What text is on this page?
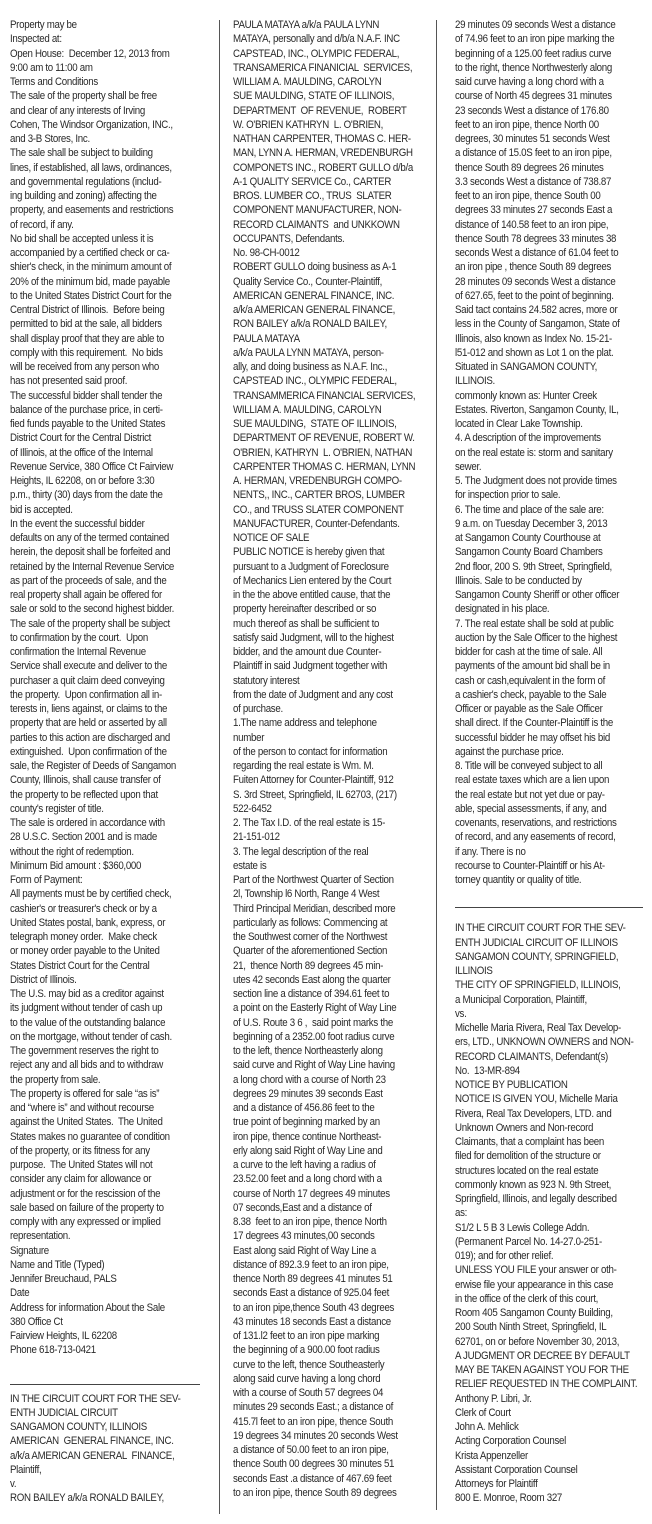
Property may be
Inspected at:
Open House:  December 12, 2013 from
9:00 am to 11:00 am
Terms and Conditions
The sale of the property shall be free
and clear of any interests of Irving
Cohen, The Windsor Organization, INC.,
and 3-B Stores, Inc.
The sale shall be subject to building
lines, if established, all laws, ordinances,
and governmental regulations (includ-
ing building and zoning) affecting the
property, and easements and restrictions
of record, if any.
No bid shall be accepted unless it is
accompanied by a certified check or ca-
shier's check, in the minimum amount of
20% of the minimum bid, made payable
to the United States District Court for the
Central District of Illinois.  Before being
permitted to bid at the sale, all bidders
shall display proof that they are able to
comply with this requirement.  No bids
will be received from any person who
has not presented said proof.
The successful bidder shall tender the
balance of the purchase price, in certi-
fied funds payable to the United States
District Court for the Central District
of Illinois, at the office of the Internal
Revenue Service, 380 Office Ct Fairview
Heights, IL 62208, on or before 3:30
p.m., thirty (30) days from the date the
bid is accepted.
In the event the successful bidder
defaults on any of the termed contained
herein, the deposit shall be forfeited and
retained by the Internal Revenue Service
as part of the proceeds of sale, and the
real property shall again be offered for
sale or sold to the second highest bidder.
The sale of the property shall be subject
to confirmation by the court.  Upon
confirmation the Internal Revenue
Service shall execute and deliver to the
purchaser a quit claim deed conveying
the property.  Upon confirmation all in-
terests in, liens against, or claims to the
property that are held or asserted by all
parties to this action are discharged and
extinguished.  Upon confirmation of the
sale, the Register of Deeds of Sangamon
County, Illinois, shall cause transfer of
the property to be reflected upon that
county's register of title.
The sale is ordered in accordance with
28 U.S.C. Section 2001 and is made
without the right of redemption.
Minimum Bid amount : $360,000
Form of Payment:
All payments must be by certified check,
cashier's or treasurer's check or by a
United States postal, bank, express, or
telegraph money order.  Make check
or money order payable to the United
States District Court for the Central
District of Illinois.
The U.S. may bid as a creditor against
its judgment without tender of cash up
to the value of the outstanding balance
on the mortgage, without tender of cash.
The government reserves the right to
reject any and all bids and to withdraw
the property from sale.
The property is offered for sale “as is”
and “where is” and without recourse
against the United States.  The United
States makes no guarantee of condition
of the property, or its fitness for any
purpose.  The United States will not
consider any claim for allowance or
adjustment or for the rescission of the
sale based on failure of the property to
comply with any expressed or implied
representation.
Signature
Name and Title (Typed)
Jennifer Breuchaud, PALS
Date
Address for information About the Sale
380 Office Ct
Fairview Heights, IL 62208
Phone 618-713-0421
IN THE CIRCUIT COURT FOR THE SEV-
ENTH JUDICIAL CIRCUIT
SANGAMON COUNTY, ILLINOIS
AMERICAN  GENERAL FINANCE, INC.
a/k/a AMERICAN GENERAL  FINANCE,
Plaintiff,
v.
RON BAILEY a/k/a RONALD BAILEY,
PAULA MATAYA a/k/a PAULA LYNN
MATAYA, personally and d/b/a N.A.F. INC
CAPSTEAD, INC., OLYMPIC FEDERAL,
TRANSAMERICA FINANICIAL  SERVICES,
WILLIAM A. MAULDING, CAROLYN
SUE MAULDING, STATE OF ILLINOIS,
DEPARTMENT  OF REVENUE,  ROBERT
W. O'BRIEN KATHRYN  L. O'BRIEN,
NATHAN CARPENTER, THOMAS C. HER-
MAN, LYNN A. HERMAN, VREDENBURGH
COMPONETS INC., ROBERT GULLO d/b/a
A-1 QUALITY SERVICE Co., CARTER
BROS. LUMBER CO., TRUS  SLATER
COMPONENT MANUFACTURER, NON-
RECORD CLAIMANTS  and UNKKOWN
OCCUPANTS, Defendants.
No. 98-CH-0012
ROBERT GULLO doing business as A-1
Quality Service Co., Counter-Plaintiff,
AMERICAN GENERAL FINANCE, INC.
a/k/a AMERICAN GENERAL FINANCE,
RON BAILEY a/k/a RONALD BAILEY,
PAULA MATAYA
a/k/a PAULA LYNN MATAYA, person-
ally, and doing business as N.A.F. Inc.,
CAPSTEAD INC., OLYMPIC FEDERAL,
TRANSAMMERICA FINANCIAL SERVICES,
WILLIAM A. MAULDING, CAROLYN
SUE MAULDING,  STATE OF ILLINOIS,
DEPARTMENT OF REVENUE, ROBERT W.
O'BRIEN, KATHRYN  L. O'BRIEN, NATHAN
CARPENTER THOMAS C. HERMAN, LYNN
A. HERMAN, VREDENBURGH COMPO-
NENTS,, INC., CARTER BROS, LUMBER
CO., and TRUSS SLATER COMPONENT
MANUFACTURER, Counter-Defendants.
NOTICE OF SALE
PUBLIC NOTICE is hereby given that
pursuant to a Judgment of Foreclosure
of Mechanics Lien entered by the Court
in the the above entitled cause, that the
property hereinafter described or so
much thereof as shall be sufficient to
satisfy said Judgment, will to the highest
bidder, and the amount due Counter-
Plaintiff in said Judgment together with
statutory interest
from the date of Judgment and any cost
of purchase.
1.The name address and telephone
number
of the person to contact for information
regarding the real estate is Wm. M.
Fuiten Attorney for Counter-Plaintiff, 912
S. 3rd Street, Springfield, IL 62703, (217)
522-6452
2. The Tax I.D. of the real estate is 15-
21-151-012
3. The legal description of the real
estate is
Part of the Northwest Quarter of Section
2l, Township l6 North, Range 4 West
Third Principal Meridian, described more
particularly as follows: Commencing at
the Southwest corner of the Northwest
Quarter of the aforementioned Section
21,  thence North 89 degrees 45 min-
utes 42 seconds East along the quarter
section line a distance of 394.61 feet to
a point on the Easterly Right of Way Line
of U.S. Route 3 6 ,  said point marks the
beginning of a 2352.00 foot radius curve
to the left, thence Northeasterly along
said curve and Right of Way Line having
a long chord with a course of North 23
degrees 29 minutes 39 seconds East
and a distance of 456.86 feet to the
true point of beginning marked by an
iron pipe, thence continue Northeast-
erly along said Right of Way Line and
a curve to the left having a radius of
23.52.00 feet and a long chord with a
course of North 17 degrees 49 minutes
07 seconds,East and a distance of
8.38  feet to an iron pipe, thence North
17 degrees 43 minutes,00 seconds
East along said Right of Way Line a
distance of 892.3.9 feet to an iron pipe,
thence North 89 degrees 41 minutes 51
seconds East a distance of 925.04 feet
to an iron pipe,thence South 43 degrees
43 minutes 18 seconds East a distance
of 131.l2 feet to an iron pipe marking
the beginning of a 900.00 foot radius
curve to the left, thence Southeasterly
along said curve having a long chord
with a course of South 57 degrees 04
minutes 29 seconds East.; a distance of
415.7l feet to an iron pipe, thence South
19 degrees 34 minutes 20 seconds West
a distance of 50.00 feet to an iron pipe,
thence South 00 degrees 30 minutes 51
seconds East .a distance of 467.69 feet
to an iron pipe, thence South 89 degrees
29 minutes 09 seconds West a distance
of 74.96 feet to an iron pipe marking the
beginning of a 125.00 feet radius curve
to the right, thence Northwesterly along
said curve having a long chord with a
course of North 45 degrees 31 minutes
23 seconds West a distance of 176.80
feet to an iron pipe, thence North 00
degrees, 30 minutes 51 seconds West
a distance of 15.0S feet to an iron pipe,
thence South 89 degrees 26 minutes
3.3 seconds West a distance of 738.87
feet to an iron pipe, thence South 00
degrees 33 minutes 27 seconds East a
distance of 140.58 feet to an iron pipe,
thence South 78 degrees 33 minutes 38
seconds West a distance of 61.04 feet to
an iron pipe , thence South 89 degrees
28 minutes 09 seconds West a distance
of 627.65, feet to the point of beginning.
Said tact contains 24.582 acres, more or
less in the County of Sangamon, State of
Illinois, also known as Index No. 15-21-
l51-012 and shown as Lot 1 on the plat.
Situated in SANGAMON COUNTY,
ILLINOIS.
commonly known as: Hunter Creek
Estates. Riverton, Sangamon County, IL,
located in Clear Lake Township.
4. A description of the improvements
on the real estate is: storm and sanitary
sewer.
5. The Judgment does not provide times
for inspection prior to sale.
6. The time and place of the sale are:
9 a.m. on Tuesday December 3, 2013
at Sangamon County Courthouse at
Sangamon County Board Chambers
2nd floor, 200 S. 9th Street, Springfield,
Illinois. Sale to be conducted by
Sangamon County Sheriff or other officer
designated in his place.
7. The real estate shall be sold at public
auction by the Sale Officer to the highest
bidder for cash at the time of sale. All
payments of the amount bid shall be in
cash or cash,equivalent in the form of
a cashier's check, payable to the Sale
Officer or payable as the Sale Officer
shall direct. If the Counter-Plaintiff is the
successful bidder he may offset his bid
against the purchase price.
8. Title will be conveyed subject to all
real estate taxes which are a lien upon
the real estate but not yet due or pay-
able, special assessments, if any, and
covenants, reservations, and restrictions
of record, and any easements of record,
if any. There is no
recourse to Counter-Plaintiff or his At-
torney quantity or quality of title.
IN THE CIRCUIT COURT FOR THE SEV-
ENTH JUDICIAL CIRCUIT OF ILLINOIS
SANGAMON COUNTY, SPRINGFIELD,
ILLINOIS
THE CITY OF SPRINGFIELD, ILLINOIS,
a Municipal Corporation, Plaintiff,
vs.
Michelle Maria Rivera, Real Tax Develop-
ers, LTD., UNKNOWN OWNERS and NON-
RECORD CLAIMANTS, Defendant(s)
No.  13-MR-894
NOTICE BY PUBLICATION
NOTICE IS GIVEN YOU, Michelle Maria
Rivera, Real Tax Developers, LTD. and
Unknown Owners and Non-record
Claimants, that a complaint has been
filed for demolition of the structure or
structures located on the real estate
commonly known as 923 N. 9th Street,
Springfield, Illinois, and legally described
as:
S1/2 L 5 B 3 Lewis College Addn.
(Permanent Parcel No. 14-27.0-251-
019); and for other relief.
UNLESS YOU FILE your answer or oth-
erwise file your appearance in this case
in the office of the clerk of this court,
Room 405 Sangamon County Building,
200 South Ninth Street, Springfield, IL
62701, on or before November 30, 2013,
A JUDGMENT OR DECREE BY DEFAULT
MAY BE TAKEN AGAINST YOU FOR THE
RELIEF REQUESTED IN THE COMPLAINT.
Anthony P. Libri, Jr.
Clerk of Court
John A. Mehlick
Acting Corporation Counsel
Krista Appenzeller
Assistant Corporation Counsel
Attorneys for Plaintiff
800 E. Monroe, Room 327
